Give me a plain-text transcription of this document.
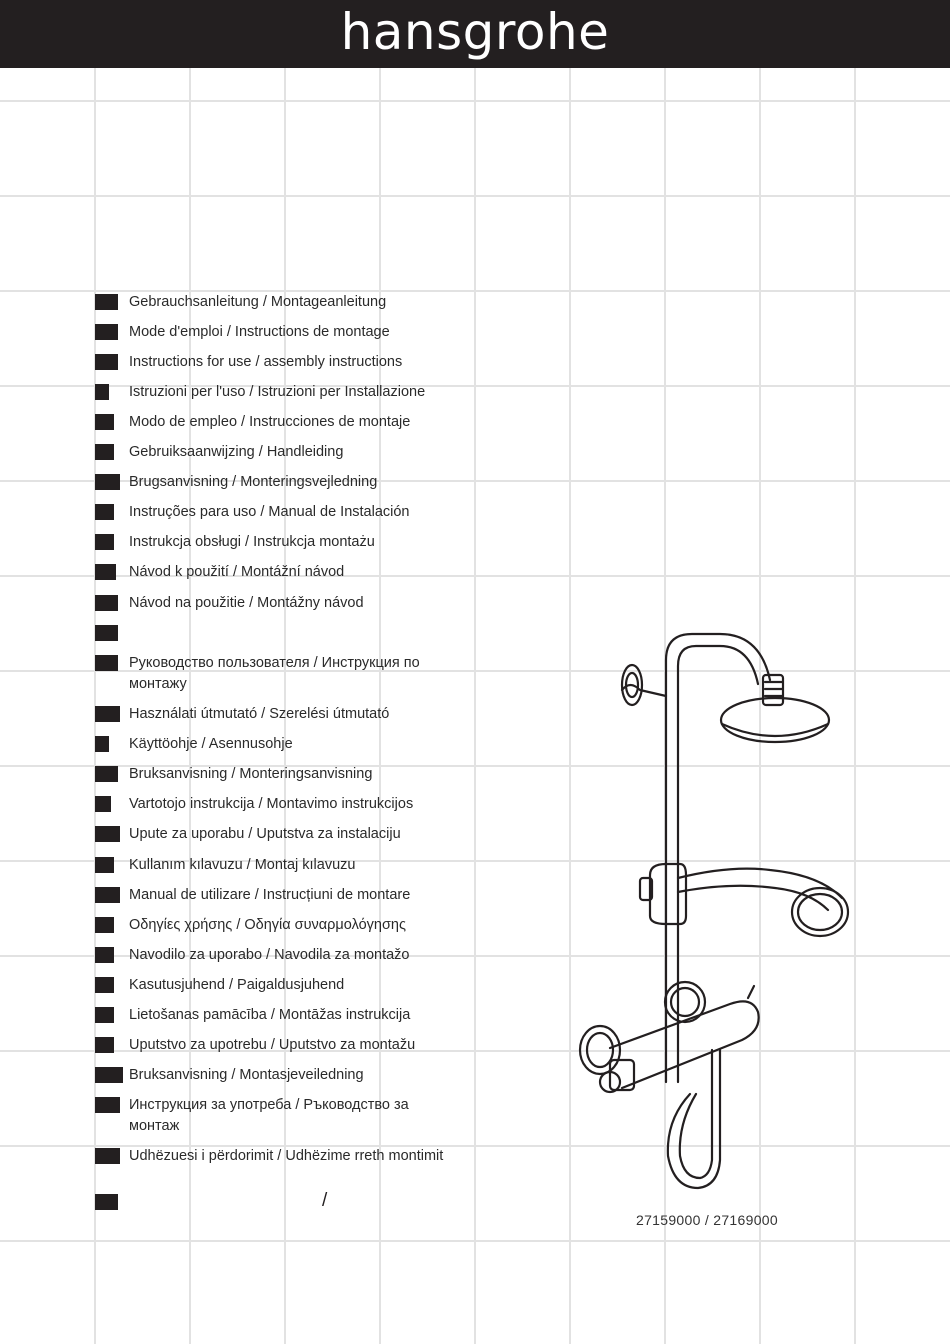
hansgrohe
Gebrauchsanleitung / Montageanleitung
Mode d'emploi / Instructions de montage
Instructions for use / assembly instructions
Istruzioni per l'uso / Istruzioni per Installazione
Modo de empleo / Instrucciones de montaje
Gebruiksaanwijzing / Handleiding
Brugsanvisning / Monteringsvejledning
Instruções para uso / Manual de Instalación
Instrukcja obsługi / Instrukcja montażu
Návod k použití / Montážní návod
Návod na použitie / Montážny návod
Руководство пользователя / Инструкция по монтажу
Használati útmutató / Szerelési útmutató
Käyttöohje / Asennusohje
Bruksanvisning / Monteringsanvisning
Vartotojo instrukcija / Montavimo instrukcijos
Upute za uporabu / Uputstva za instalaciju
Kullanım kılavuzu / Montaj kılavuzu
Manual de utilizare / Instrucțiuni de montare
Οδηγίες χρήσης / Οδηγία συναρμολόγησης
Navodilo za uporabo / Navodila za montažo
Kasutusjuhend / Paigaldusjuhend
Lietošanas pamācība / Montāžas instrukcija
Uputstvo za upotrebu / Uputstvo za montažu
Bruksanvisning / Montasjeveiledning
Инструкция за употреба / Ръководство за монтаж
Udhëzuesi i përdorimit / Udhëzime rreth montimit
/
27159000 / 27169000
